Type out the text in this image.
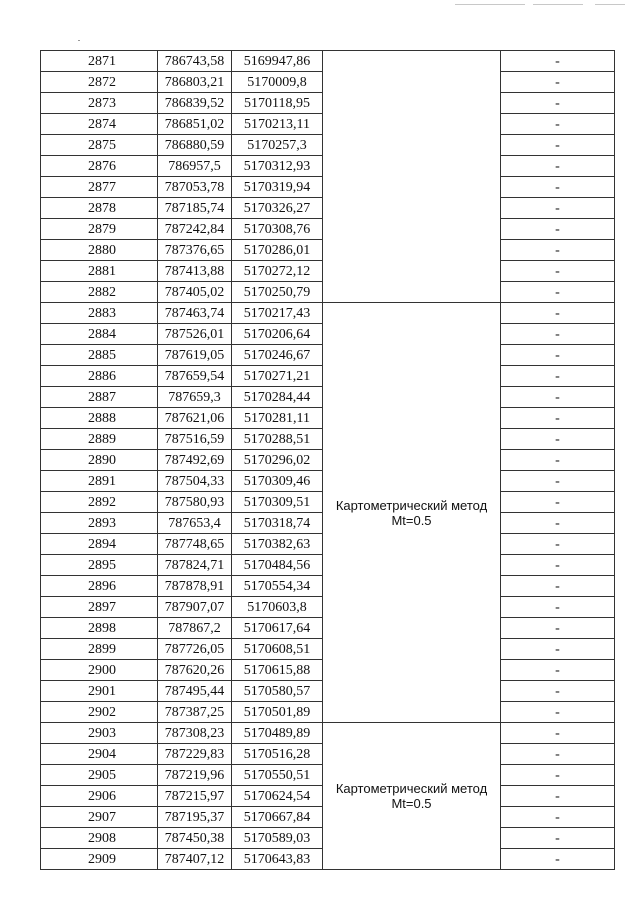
2871	786743,58	5169947,86		-
2872	786803,21	5170009,8		-
2873	786839,52	5170118,95		-
2874	786851,02	5170213,11		-
2875	786880,59	5170257,3		-
2876	786957,5	5170312,93		-
2877	787053,78	5170319,94		-
2878	787185,74	5170326,27		-
2879	787242,84	5170308,76		-
2880	787376,65	5170286,01		-
2881	787413,88	5170272,12		-
2882	787405,02	5170250,79		-
2883	787463,74	5170217,43	Картометрический метод
Mt=0.5	-
2884	787526,01	5170206,64		-
2885	787619,05	5170246,67		-
2886	787659,54	5170271,21		-
2887	787659,3	5170284,44		-
2888	787621,06	5170281,11		-
2889	787516,59	5170288,51		-
2890	787492,69	5170296,02		-
2891	787504,33	5170309,46		-
2892	787580,93	5170309,51		-
2893	787653,4	5170318,74		-
2894	787748,65	5170382,63		-
2895	787824,71	5170484,56		-
2896	787878,91	5170554,34		-
2897	787907,07	5170603,8		-
2898	787867,2	5170617,64		-
2899	787726,05	5170608,51		-
2900	787620,26	5170615,88		-
2901	787495,44	5170580,57		-
2902	787387,25	5170501,89		-
2903	787308,23	5170489,89	Картометрический метод
Mt=0.5	-
2904	787229,83	5170516,28		-
2905	787219,96	5170550,51		-
2906	787215,97	5170624,54		-
2907	787195,37	5170667,84		-
2908	787450,38	5170589,03		-
2909	787407,12	5170643,83		-
